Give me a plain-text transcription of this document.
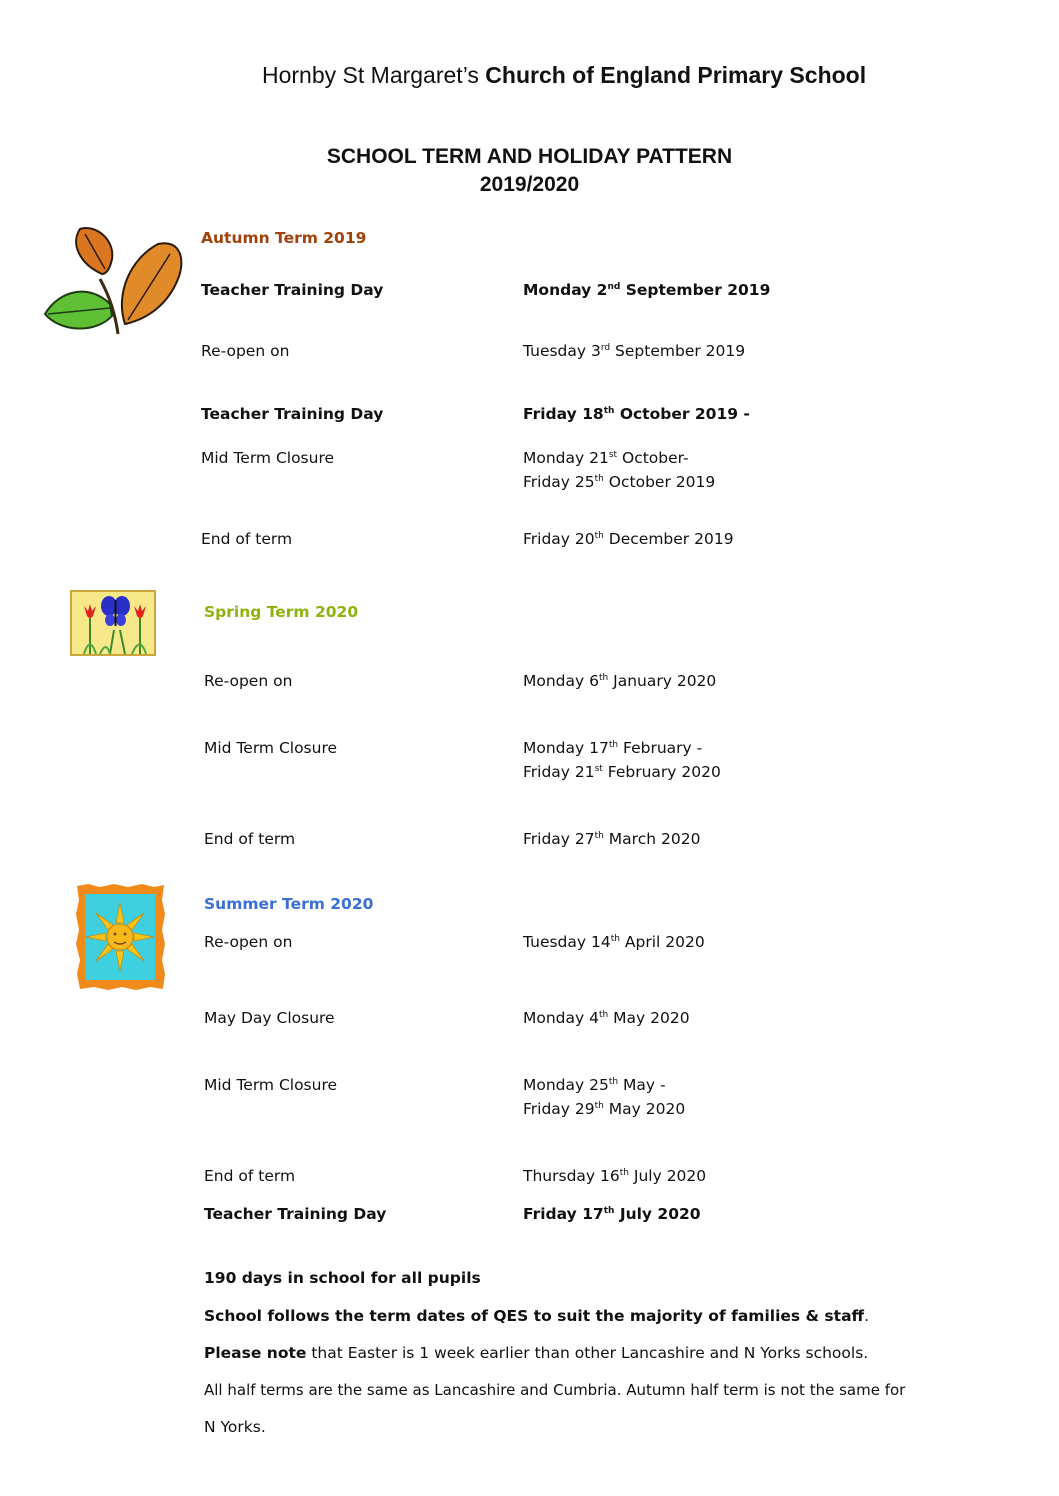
Hornby St Margaret’s Church of England Primary School
SCHOOL TERM AND HOLIDAY PATTERN
2019/2020
Autumn Term 2019
Teacher Training Day	Monday 2nd September 2019
Re-open on	Tuesday 3rd September 2019
Teacher Training Day	Friday 18th October 2019 -
Mid Term Closure	Monday 21st October-
Friday 25th October 2019
End of term	Friday 20th December 2019
Spring Term 2020
Re-open on	Monday 6th January 2020
Mid Term Closure	Monday 17th February -
Friday 21st February 2020
End of term	Friday 27th March 2020
Summer Term 2020
Re-open on	Tuesday 14th April 2020
May Day Closure	Monday 4th May 2020
Mid Term Closure	Monday 25th May -
Friday 29th May 2020
End of term	Thursday 16th July 2020
Teacher Training Day	Friday 17th July 2020
190 days in school for all pupils
School follows the term dates of QES to suit the majority of families & staff.
Please note that Easter is 1 week earlier than other Lancashire and N Yorks schools.
All half terms are the same as Lancashire and Cumbria. Autumn half term is not the same for
N Yorks.
